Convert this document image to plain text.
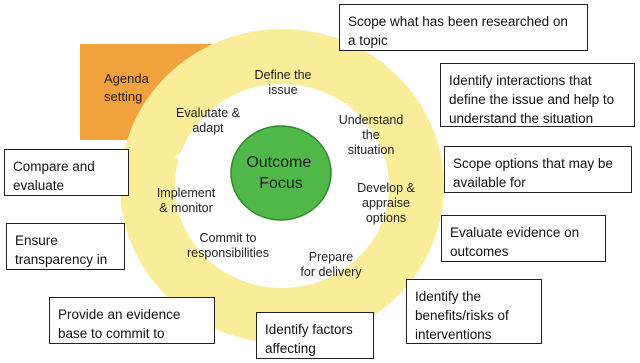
Outcome Focus
Agenda setting
Define the issue
Understand the situation
Develop & appraise options
Prepare for delivery
Commit to responsibilities
Implement & monitor
Evalutate & adapt
Scope what has been researched on
a topic
Identify interactions that
define the issue and help to
understand the situation
Scope options that may be
available for
Evaluate evidence on
outcomes
Identify the
benefits/risks of
interventions
Identify factors
affecting
Provide an evidence
base to commit to
Ensure
transparency in
Compare and
evaluate
